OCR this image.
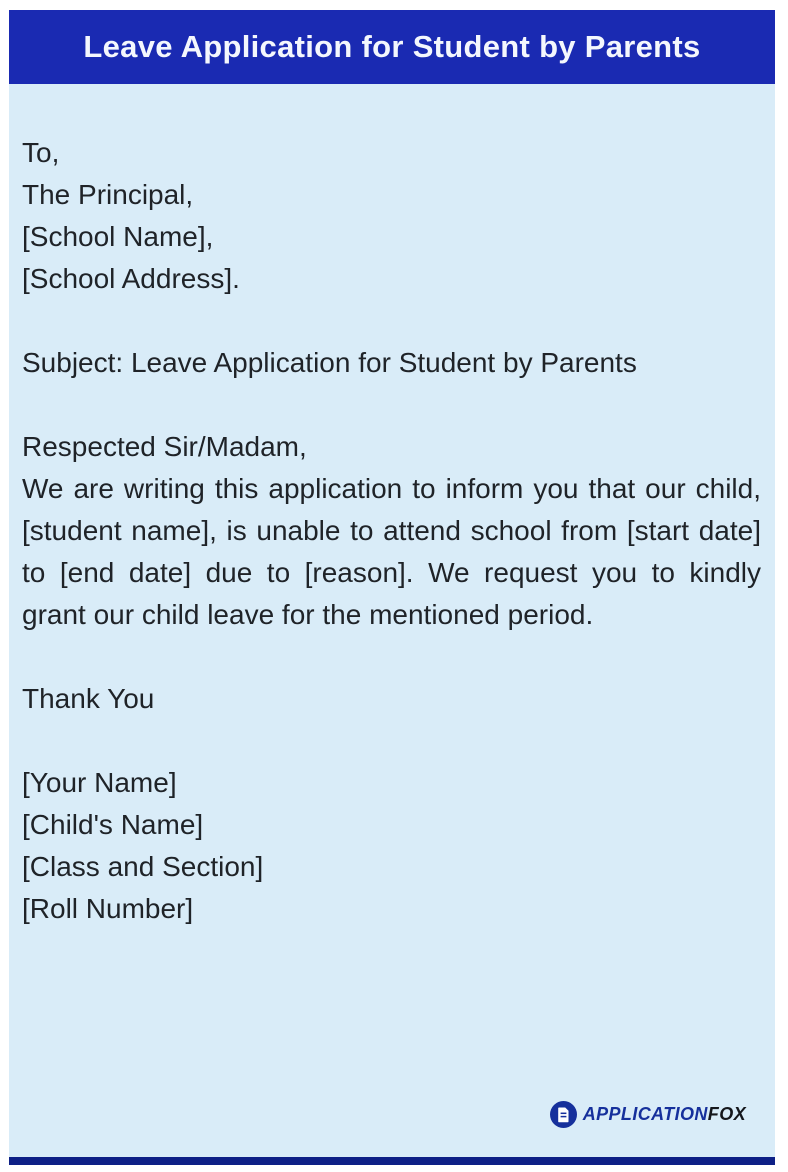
Leave Application for Student by Parents
To,
The Principal,
[School Name],
[School Address].
Subject: Leave Application for Student by Parents
Respected Sir/Madam,
We are writing this application to inform you that our child, [student name], is unable to attend school from [start date] to [end date] due to [reason]. We request you to kindly grant our child leave for the mentioned period.
Thank You
[Your Name]
[Child's Name]
[Class and Section]
[Roll Number]
APPLICATIONFOX
